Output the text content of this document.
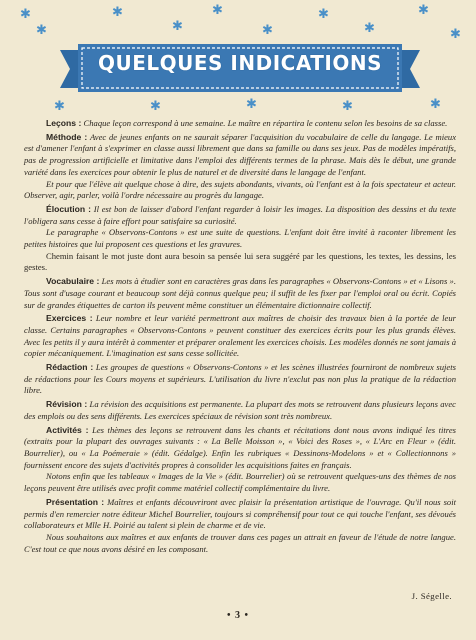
✱	✱	✱	✱	✱
✱	✱	✱	✱	✱
✱	✱	✱	✱	✱
QUELQUES INDICATIONS

Leçons : Chaque leçon correspond à une semaine. Le maître en répartira le contenu selon les besoins de sa classe.

Méthode : Avec de jeunes enfants on ne saurait séparer l'acquisition du vocabulaire de celle du langage. Le mieux est d'amener l'enfant à s'exprimer en classe aussi librement que dans sa famille ou dans ses jeux. Pas de modèles impératifs, pas de progression artificielle et limitative dans l'emploi des différents termes de la phrase. Mais dès le début, une grande variété dans les exercices pour obtenir le plus de naturel et de diversité dans le langage de l'enfant.

Et pour que l'élève ait quelque chose à dire, des sujets abondants, vivants, où l'enfant est à la fois spectateur et acteur. Observer, agir, parler, voilà l'ordre nécessaire au progrès du langage.

Élocution : Il est bon de laisser d'abord l'enfant regarder à loisir les images. La disposition des dessins et du texte l'obligera sans cesse à faire effort pour satisfaire sa curiosité.

Le paragraphe « Observons-Contons » est une suite de questions. L'enfant doit être invité à raconter librement les petites histoires que lui proposent ces questions et les gravures.

Chemin faisant le mot juste dont aura besoin sa pensée lui sera suggéré par les questions, les textes, les dessins, les gestes.

Vocabulaire : Les mots à étudier sont en caractères gras dans les paragraphes « Observons-Contons » et « Lisons ». Tous sont d'usage courant et beaucoup sont déjà connus quelque peu; il suffit de les fixer par l'emploi oral ou écrit. Copiés sur de grandes étiquettes de carton ils peuvent même constituer un élémentaire dictionnaire collectif.

Exercices : Leur nombre et leur variété permettront aux maîtres de choisir des travaux bien à la portée de leur classe. Certains paragraphes « Observons-Contons » peuvent constituer des exercices écrits pour les plus grands élèves. Avec les petits il y aura intérêt à commenter et préparer oralement les exercices choisis. Les modèles donnés ne sont jamais à copier mécaniquement. L'imagination est sans cesse sollicitée.

Rédaction : Les groupes de questions « Observons-Contons » et les scènes illustrées fourniront de nombreux sujets de rédactions pour les Cours moyens et supérieurs. L'utilisation du livre n'exclut pas non plus la pratique de la rédaction libre.

Révision : La révision des acquisitions est permanente. La plupart des mots se retrouvent dans plusieurs leçons avec des emplois ou des sens différents. Les exercices spéciaux de révision sont très nombreux.

Activités : Les thèmes des leçons se retrouvent dans les chants et récitations dont nous avons indiqué les titres (extraits pour la plupart des ouvrages suivants : « La Belle Moisson », « Voici des Roses », « L'Arc en Fleur » (édit. Bourrelier), ou « La Poémeraie » (édit. Gédalge). Enfin les rubriques « Dessinons-Modelons » et « Collectionnons » fournissent encore des sujets d'activités propres à consolider les acquisitions faites en français.

Notons enfin que les tableaux « Images de la Vie » (édit. Bourrelier) où se retrouvent quelques-uns des thèmes de nos leçons peuvent être utilisés avec profit comme matériel collectif complémentaire du livre.

Présentation : Maîtres et enfants découvriront avec plaisir la présentation artistique de l'ouvrage. Qu'il nous soit permis d'en remercier notre éditeur Michel Bourrelier, toujours si compréhensif pour tout ce qui touche l'enfant, ses dévoués collaborateurs et Mlle H. Poirié au talent si plein de charme et de vie.

Nous souhaitons aux maîtres et aux enfants de trouver dans ces pages un attrait en faveur de l'étude de notre langue. C'est tout ce que nous avons désiré en les composant.

J. Ségelle.
• 3 •
